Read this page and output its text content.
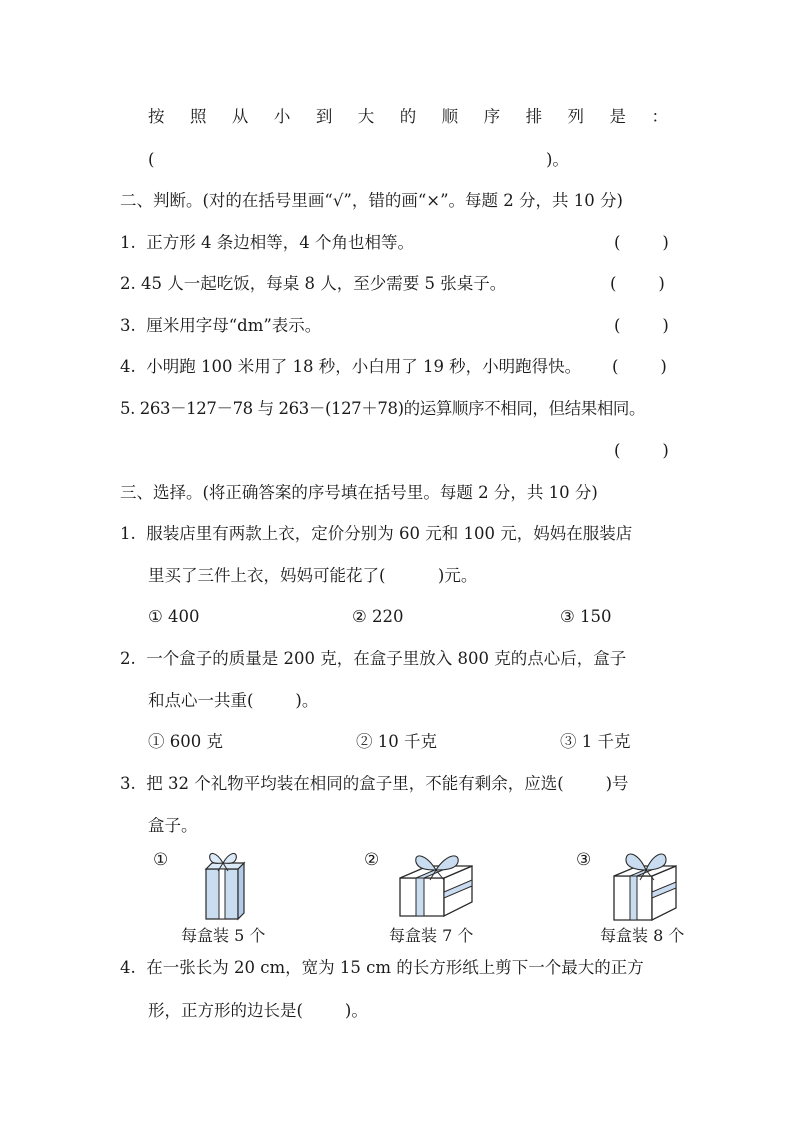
按 照 从 小 到 大 的 顺 序 排 列 是 ：
(	)。
二、判断。(对的在括号里画“√”，错的画“×”。每题 2 分，共 10 分)
1.  正方形 4 条边相等，4 个角也相等。	(        )
2. 45 人一起吃饭，每桌 8 人，至少需要 5 张桌子。	(        )
3.  厘米用字母“dm”表示。	(        )
4.  小明跑 100 米用了 18 秒，小白用了 19 秒，小明跑得快。 (        )
5. 263－127－78 与 263－(127＋78)的运算顺序不相同，但结果相同。
(        )
三、选择。(将正确答案的序号填在括号里。每题 2 分，共 10 分)
1.  服装店里有两款上衣，定价分别为 60 元和 100 元，妈妈在服装店
里买了三件上衣，妈妈可能花了(          )元。
① 400	② 220	③ 150
2.  一个盒子的质量是 200 克，在盒子里放入 800 克的点心后，盒子
和点心一共重(        )。
① 600 克	② 10 千克	③ 1 千克
3.  把 32 个礼物平均装在相同的盒子里，不能有剩余，应选(        )号
盒子。
①
每盒装 5 个
②
每盒装 7 个
③
每盒装 8 个
4.  在一张长为 20 cm，宽为 15 cm 的长方形纸上剪下一个最大的正方
形，正方形的边长是(        )。
